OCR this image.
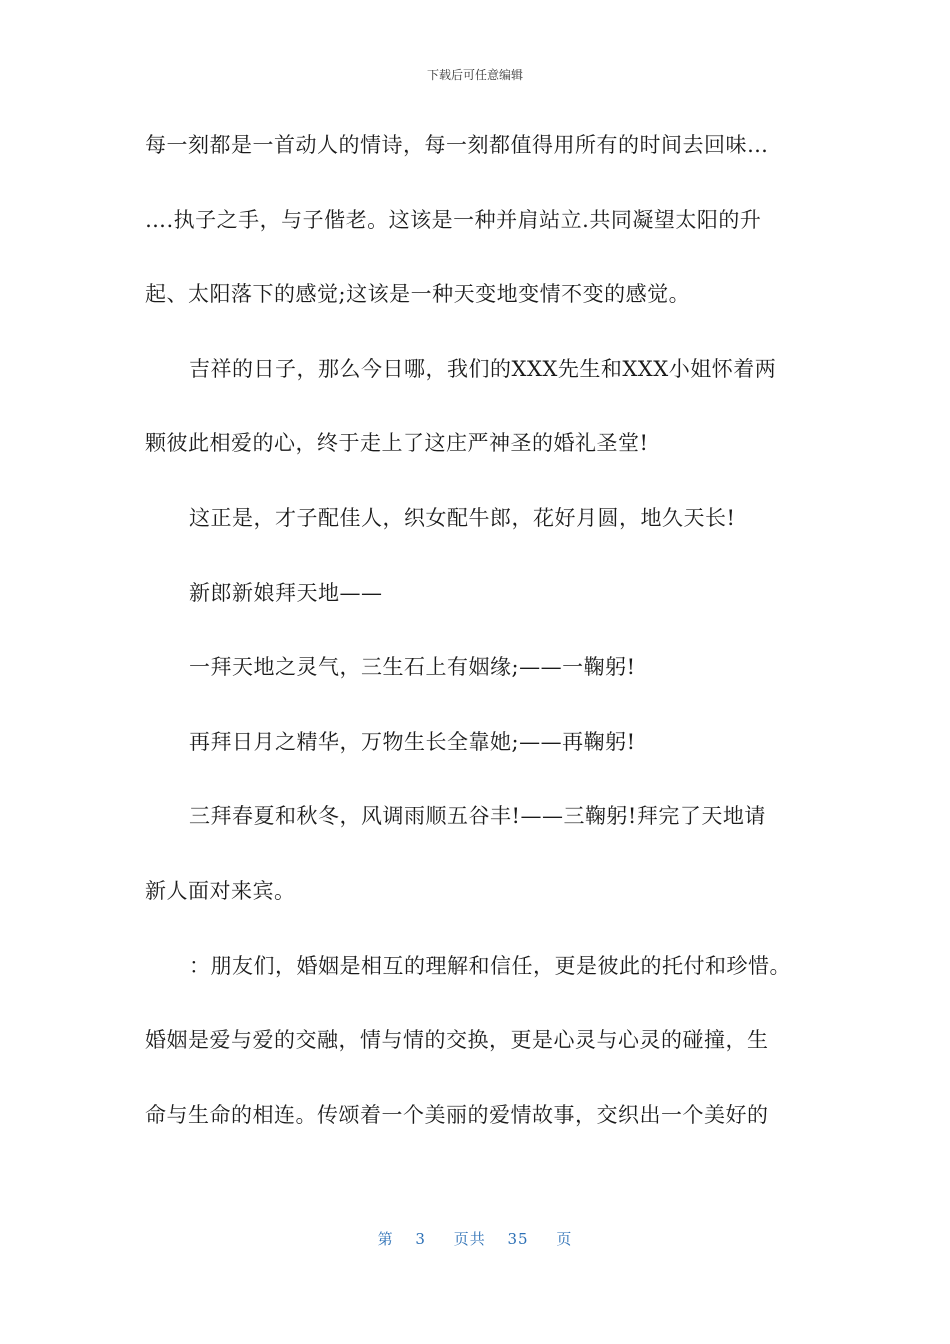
下载后可任意编辑
每一刻都是一首动人的情诗，每一刻都值得用所有的时间去回味…
….执子之手，与子偕老。这该是一种并肩站立.共同凝望太阳的升
起、太阳落下的感觉;这该是一种天变地变情不变的感觉。
吉祥的日子，那么今日哪，我们的XXX先生和XXX小姐怀着两
颗彼此相爱的心，终于走上了这庄严神圣的婚礼圣堂!
这正是，才子配佳人，织女配牛郎，花好月圆，地久天长!
新郎新娘拜天地——
一拜天地之灵气，三生石上有姻缘;——一鞠躬!
再拜日月之精华，万物生长全靠她;——再鞠躬!
三拜春夏和秋冬，风调雨顺五谷丰!——三鞠躬!拜完了天地请
新人面对来宾。
：朋友们，婚姻是相互的理解和信任，更是彼此的托付和珍惜。
婚姻是爱与爱的交融，情与情的交换，更是心灵与心灵的碰撞，生
命与生命的相连。传颂着一个美丽的爱情故事，交织出一个美好的
第 3 页共 35 页
